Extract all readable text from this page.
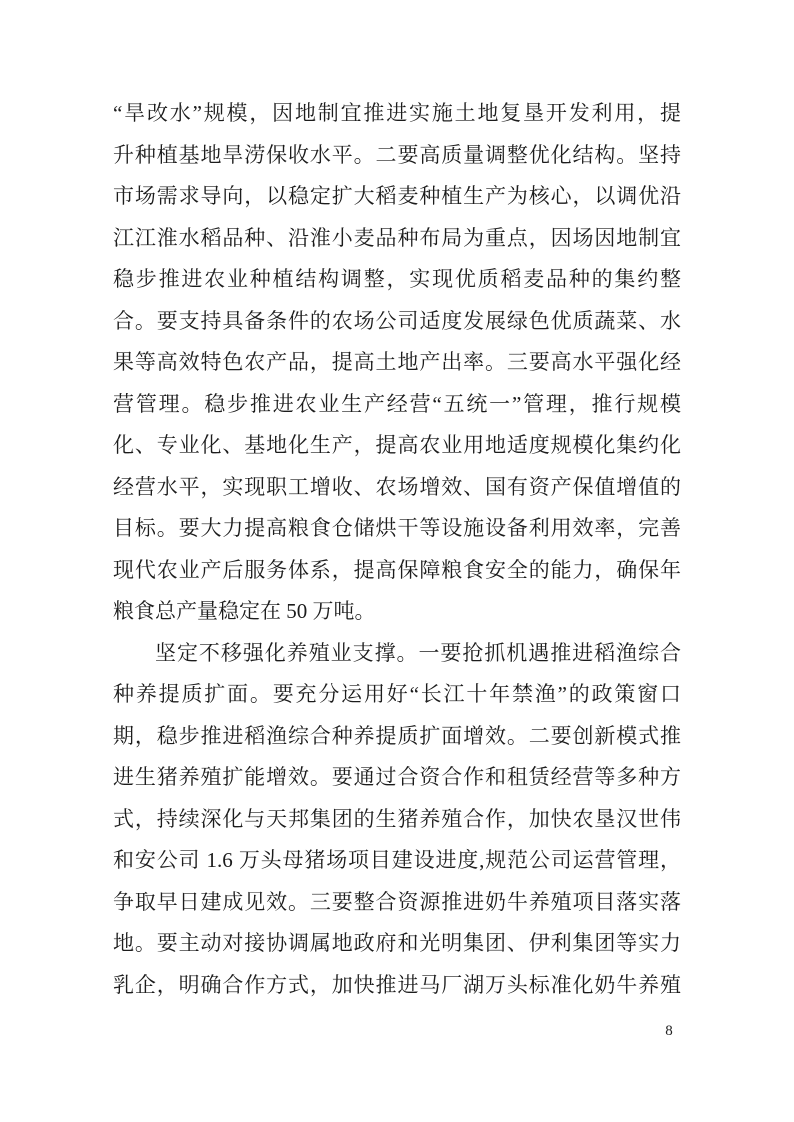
“旱改水”规模，因地制宜推进实施土地复垦开发利用，提
升种植基地旱涝保收水平。二要高质量调整优化结构。坚持
市场需求导向，以稳定扩大稻麦种植生产为核心，以调优沿
江江淮水稻品种、沿淮小麦品种布局为重点，因场因地制宜
稳步推进农业种植结构调整，实现优质稻麦品种的集约整
合。要支持具备条件的农场公司适度发展绿色优质蔬菜、水
果等高效特色农产品，提高土地产出率。三要高水平强化经
营管理。稳步推进农业生产经营“五统一”管理，推行规模
化、专业化、基地化生产，提高农业用地适度规模化集约化
经营水平，实现职工增收、农场增效、国有资产保值增值的
目标。要大力提高粮食仓储烘干等设施设备利用效率，完善
现代农业产后服务体系，提高保障粮食安全的能力，确保年
粮食总产量稳定在 50 万吨。
坚定不移强化养殖业支撑。一要抢抓机遇推进稻渔综合
种养提质扩面。要充分运用好“长江十年禁渔”的政策窗口
期，稳步推进稻渔综合种养提质扩面增效。二要创新模式推
进生猪养殖扩能增效。要通过合资合作和租赁经营等多种方
式，持续深化与天邦集团的生猪养殖合作，加快农垦汉世伟
和安公司 1.6 万头母猪场项目建设进度,规范公司运营管理，
争取早日建成见效。三要整合资源推进奶牛养殖项目落实落
地。要主动对接协调属地政府和光明集团、伊利集团等实力
乳企，明确合作方式，加快推进马厂湖万头标准化奶牛养殖
8
